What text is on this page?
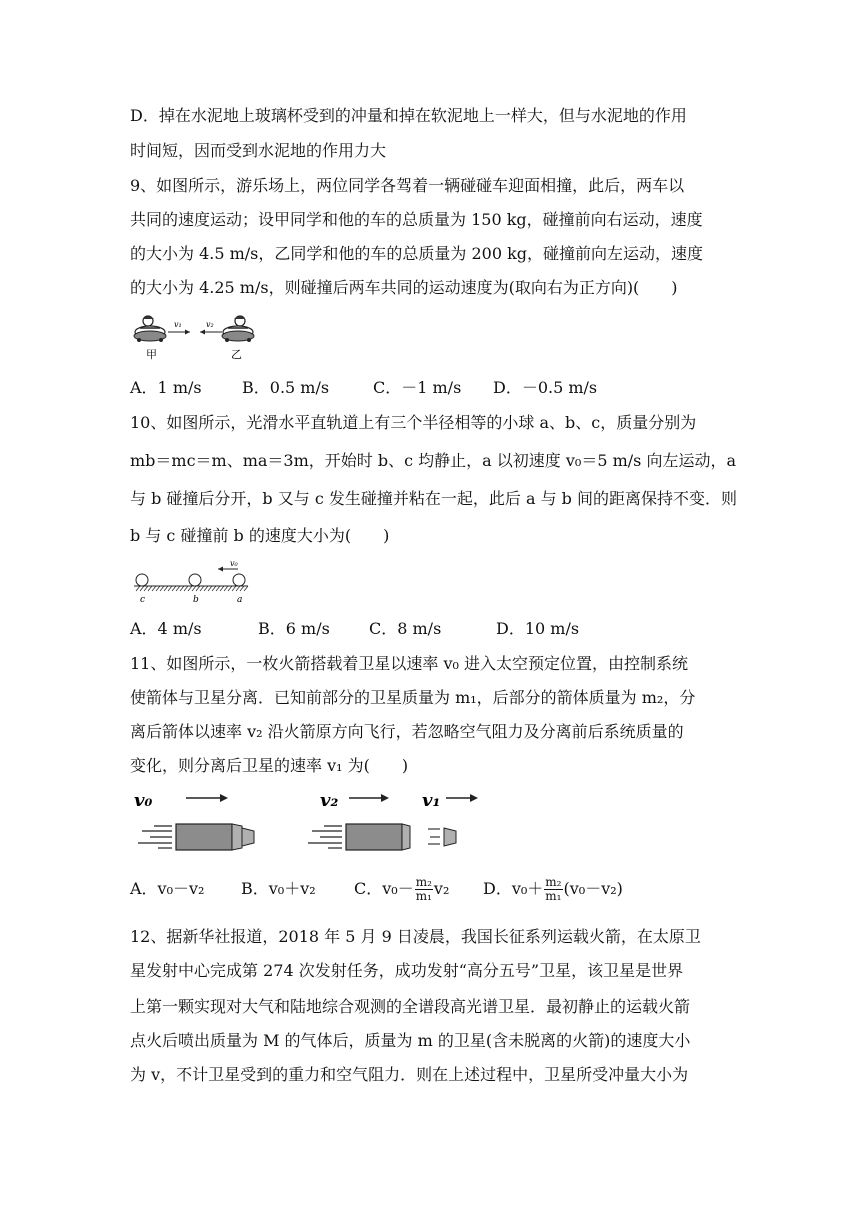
D．掉在水泥地上玻璃杯受到的冲量和掉在软泥地上一样大，但与水泥地的作用
时间短，因而受到水泥地的作用力大
9、如图所示，游乐场上，两位同学各驾着一辆碰碰车迎面相撞，此后，两车以
共同的速度运动；设甲同学和他的车的总质量为 150 kg，碰撞前向右运动，速度
的大小为 4.5 m/s，乙同学和他的车的总质量为 200 kg，碰撞前向左运动，速度
的大小为 4.25 m/s，则碰撞后两车共同的运动速度为(取向右为正方向)(　　)
v₁	v₂
甲	乙
A．1 m/s	B．0.5 m/s	C．－1 m/s D．－0.5 m/s
10、如图所示，光滑水平直轨道上有三个半径相等的小球 a、b、c，质量分别为
mb＝mc＝m、ma＝3m，开始时 b、c 均静止，a 以初速度 v₀＝5 m/s 向左运动，a
与 b 碰撞后分开，b 又与 c 发生碰撞并粘在一起，此后 a 与 b 间的距离保持不变．则
b 与 c 碰撞前 b 的速度大小为(　　)
v₀
c	b	a
A．4 m/s	B．6 m/s C．8 m/s	D．10 m/s
11、如图所示，一枚火箭搭载着卫星以速率 v₀ 进入太空预定位置，由控制系统
使箭体与卫星分离．已知前部分的卫星质量为 m₁，后部分的箭体质量为 m₂，分
离后箭体以速率 v₂ 沿火箭原方向飞行，若忽略空气阻力及分离前后系统质量的
变化，则分离后卫星的速率 v₁ 为(　　)
v₀	v₂	v₁
A．v₀－v₂ B．v₀＋v₂ C．$v_0- \frac{\text{m₂}}{\text{m₁}} v_2$ D．$v_0+ \frac{\text{m₂}}{\text{m₁}} (v_0-v_2)$
12、据新华社报道，2018 年 5 月 9 日凌晨，我国长征系列运载火箭，在太原卫
星发射中心完成第 274 次发射任务，成功发射“高分五号”卫星，该卫星是世界
上第一颗实现对大气和陆地综合观测的全谱段高光谱卫星．最初静止的运载火箭
点火后喷出质量为 M 的气体后，质量为 m 的卫星(含未脱离的火箭)的速度大小
为 v，不计卫星受到的重力和空气阻力．则在上述过程中，卫星所受冲量大小为
